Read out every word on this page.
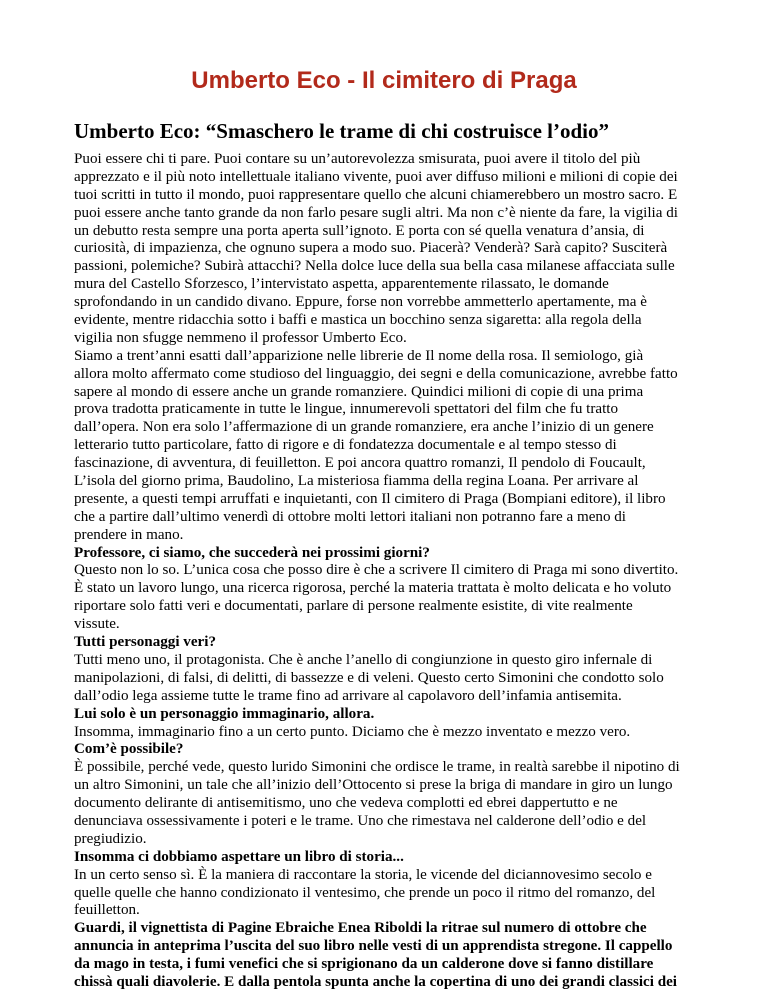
Umberto Eco - Il cimitero di Praga
Umberto Eco: “Smaschero le trame di chi costruisce l’odio”
Puoi essere chi ti pare. Puoi contare su un’autorevolezza smisurata, puoi avere il titolo del più
apprezzato e il più noto intellettuale italiano vivente, puoi aver diffuso milioni e milioni di copie dei
tuoi scritti in tutto il mondo, puoi rappresentare quello che alcuni chiamerebbero un mostro sacro. E
puoi essere anche tanto grande da non farlo pesare sugli altri. Ma non c’è niente da fare, la vigilia di
un debutto resta sempre una porta aperta sull’ignoto. E porta con sé quella venatura d’ansia, di
curiosità, di impazienza, che ognuno supera a modo suo. Piacerà? Venderà? Sarà capito? Susciterà
passioni, polemiche? Subirà attacchi? Nella dolce luce della sua bella casa milanese affacciata sulle
mura del Castello Sforzesco, l’intervistato aspetta, apparentemente rilassato, le domande
sprofondando in un candido divano. Eppure, forse non vorrebbe ammetterlo apertamente, ma è
evidente, mentre ridacchia sotto i baffi e mastica un bocchino senza sigaretta: alla regola della
vigilia non sfugge nemmeno il professor Umberto Eco.
Siamo a trent’anni esatti dall’apparizione nelle librerie de Il nome della rosa. Il semiologo, già
allora molto affermato come studioso del linguaggio, dei segni e della comunicazione, avrebbe fatto
sapere al mondo di essere anche un grande romanziere. Quindici milioni di copie di una prima
prova tradotta praticamente in tutte le lingue, innumerevoli spettatori del film che fu tratto
dall’opera. Non era solo l’affermazione di un grande romanziere, era anche l’inizio di un genere
letterario tutto particolare, fatto di rigore e di fondatezza documentale e al tempo stesso di
fascinazione, di avventura, di feuilletton. E poi ancora quattro romanzi, Il pendolo di Foucault,
L’isola del giorno prima, Baudolino, La misteriosa fiamma della regina Loana. Per arrivare al
presente, a questi tempi arruffati e inquietanti, con Il cimitero di Praga (Bompiani editore), il libro
che a partire dall’ultimo venerdì di ottobre molti lettori italiani non potranno fare a meno di
prendere in mano.
Professore, ci siamo, che succederà nei prossimi giorni?
Questo non lo so. L’unica cosa che posso dire è che a scrivere Il cimitero di Praga mi sono divertito.
È stato un lavoro lungo, una ricerca rigorosa, perché la materia trattata è molto delicata e ho voluto
riportare solo fatti veri e documentati, parlare di persone realmente esistite, di vite realmente
vissute.
Tutti personaggi veri?
Tutti meno uno, il protagonista. Che è anche l’anello di congiunzione in questo giro infernale di
manipolazioni, di falsi, di delitti, di bassezze e di veleni. Questo certo Simonini che condotto solo
dall’odio lega assieme tutte le trame fino ad arrivare al capolavoro dell’infamia antisemita.
Lui solo è un personaggio immaginario, allora.
Insomma, immaginario fino a un certo punto. Diciamo che è mezzo inventato e mezzo vero.
Com’è possibile?
È possibile, perché vede, questo lurido Simonini che ordisce le trame, in realtà sarebbe il nipotino di
un altro Simonini, un tale che all’inizio dell’Ottocento si prese la briga di mandare in giro un lungo
documento delirante di antisemitismo, uno che vedeva complotti ed ebrei dappertutto e ne
denunciava ossessivamente i poteri e le trame. Uno che rimestava nel calderone dell’odio e del
pregiudizio.
Insomma ci dobbiamo aspettare un libro di storia...
In un certo senso sì. È la maniera di raccontare la storia, le vicende del diciannovesimo secolo e
quelle quelle che hanno condizionato il ventesimo, che prende un poco il ritmo del romanzo, del
feuilletton.
Guardi, il vignettista di Pagine Ebraiche Enea Riboldi la ritrae sul numero di ottobre che
annuncia in anteprima l’uscita del suo libro nelle vesti di un apprendista stregone. Il cappello
da mago in testa, i fumi venefici che si sprigionano da un calderone dove si fanno distillare
chissà quali diavolerie. E dalla pentola spunta anche la copertina di uno dei grandi classici dei
